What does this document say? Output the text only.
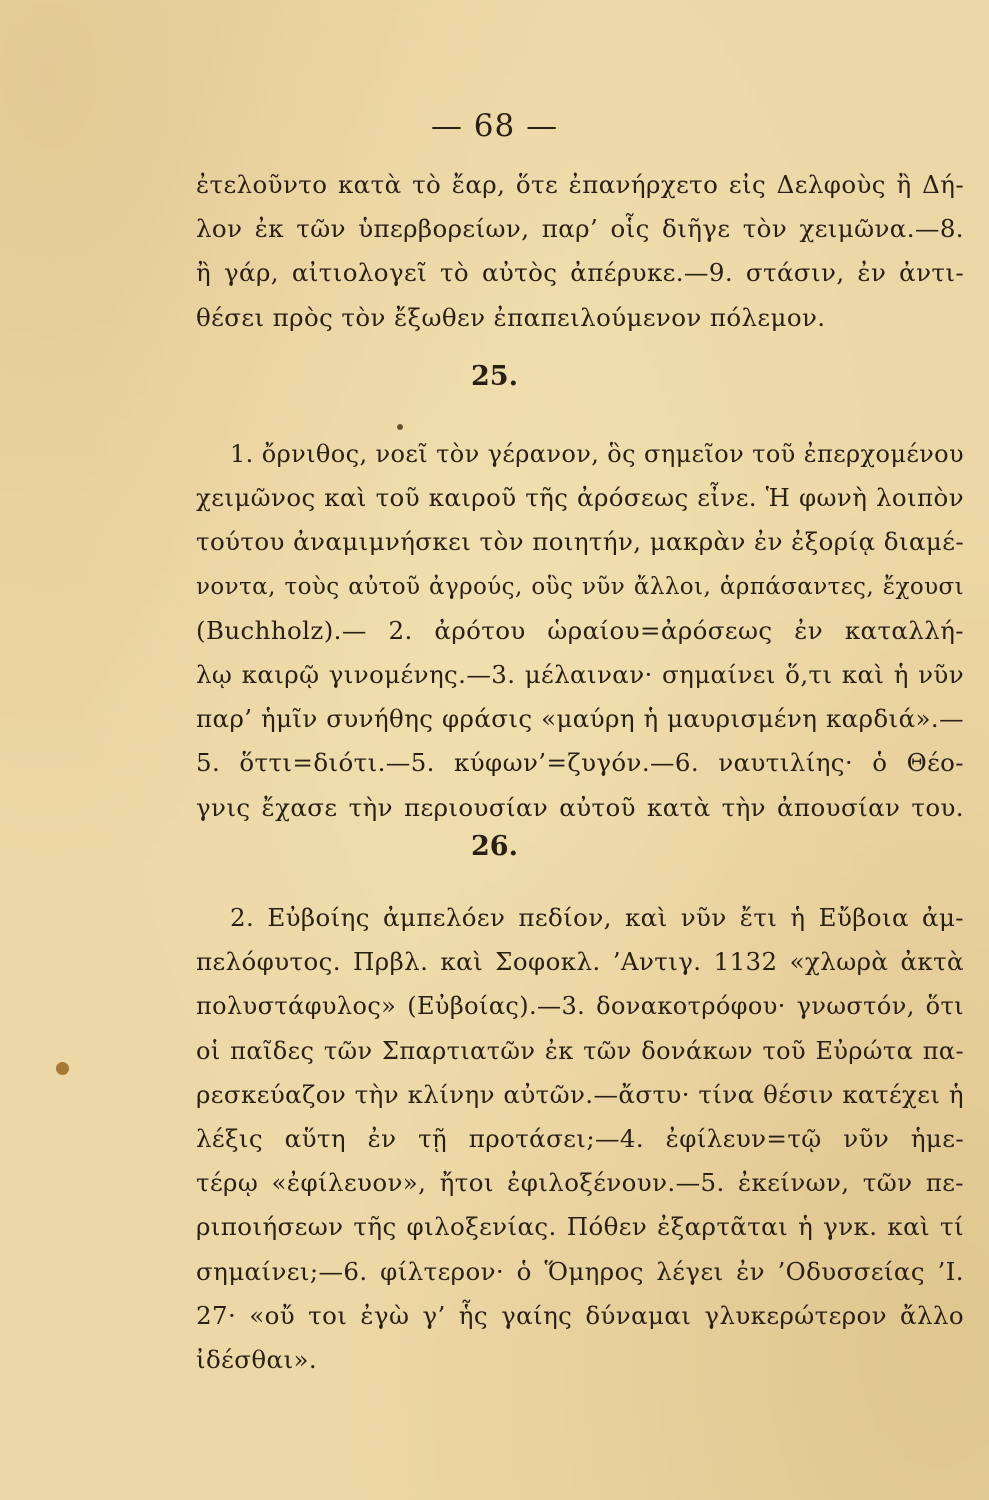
— 68 —
ἐτελοῦντο κατὰ τὸ ἔαρ, ὅτε ἐπανήρχετο εἰς Δελφοὺς ἢ Δή-
λον ἐκ τῶν ὑπερβορείων, παρ’ οἷς διῆγε τὸν χειμῶνα.—8.
ἢ γάρ, αἰτιολογεῖ τὸ αὐτὸς ἀπέρυκε.—9. στάσιν, ἐν ἀντι-
θέσει πρὸς τὸν ἔξωθεν ἐπαπειλούμενον πόλεμον.
25.
1. ὄρνιθος, νοεῖ τὸν γέρανον, ὃς σημεῖον τοῦ ἐπερχομένου
χειμῶνος καὶ τοῦ καιροῦ τῆς ἀρόσεως εἶνε. Ἡ φωνὴ λοιπὸν
τούτου ἀναμιμνήσκει τὸν ποιητήν, μακρὰν ἐν ἐξορίᾳ διαμέ-
νοντα, τοὺς αὐτοῦ ἀγρούς, οὓς νῦν ἄλλοι, ἁρπάσαντες, ἔχουσι
(Buchholz).— 2. ἀρότου ὡραίου=ἀρόσεως ἐν καταλλή-
λῳ καιρῷ γινομένης.—3. μέλαιναν· σημαίνει ὅ,τι καὶ ἡ νῦν
παρ’ ἡμῖν συνήθης φράσις «μαύρη ἡ μαυρισμένη καρδιά».—
5. ὅττι=διότι.—5. κύφων’=ζυγόν.—6. ναυτιλίης· ὁ Θέο-
γνις ἔχασε τὴν περιουσίαν αὐτοῦ κατὰ τὴν ἀπουσίαν του.
26.
2. Εὐβοίης ἀμπελόεν πεδίον, καὶ νῦν ἔτι ἡ Εὔβοια ἀμ-
πελόφυτος. Πρβλ. καὶ Σοφοκλ. ’Αντιγ. 1132 «χλωρὰ ἀκτὰ
πολυστάφυλος» (Εὐβοίας).—3. δονακοτρόφου· γνωστόν, ὅτι
οἱ παῖδες τῶν Σπαρτιατῶν ἐκ τῶν δονάκων τοῦ Εὐρώτα πα-
ρεσκεύαζον τὴν κλίνην αὐτῶν.—ἄστυ· τίνα θέσιν κατέχει ἡ
λέξις αὕτη ἐν τῇ προτάσει;—4. ἐφίλευν=τῷ νῦν ἡμε-
τέρῳ «ἐφίλευον», ἤτοι ἐφιλοξένουν.—5. ἐκείνων, τῶν πε-
ριποιήσεων τῆς φιλοξενίας. Πόθεν ἐξαρτᾶται ἡ γνκ. καὶ τί
σημαίνει;—6. φίλτερον· ὁ Ὅμηρος λέγει ἐν ’Οδυσσείας ’Ι.
27· «οὔ τοι ἐγὼ γ’ ἧς γαίης δύναμαι γλυκερώτερον ἄλλο
ἰδέσθαι».
